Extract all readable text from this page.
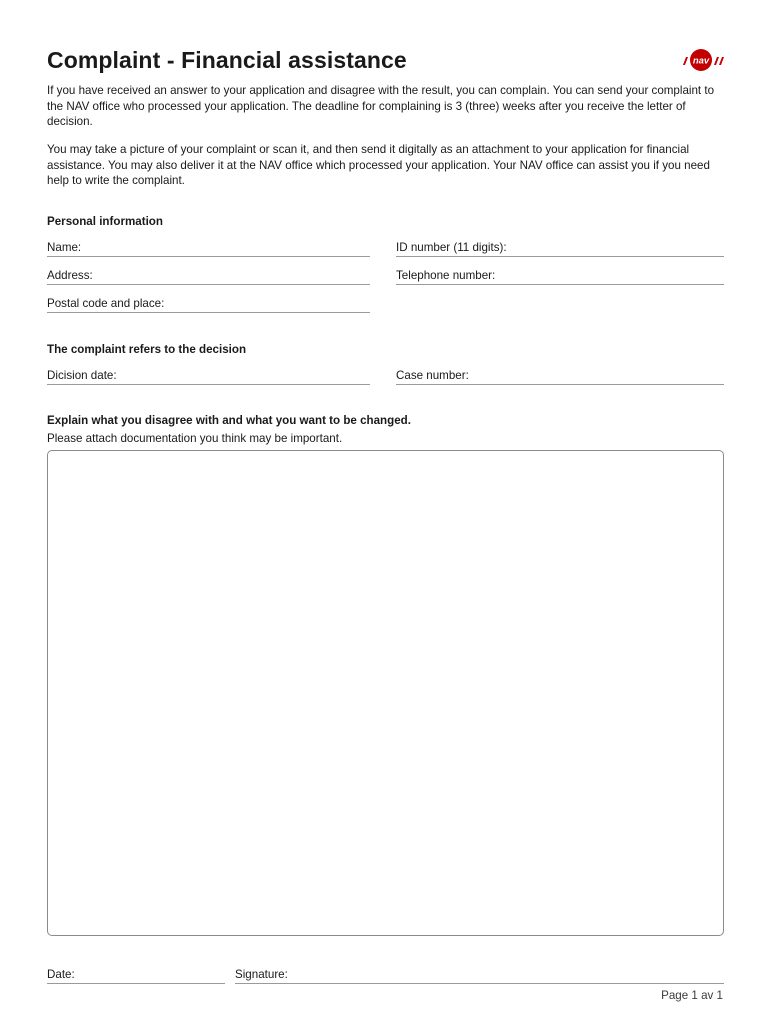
Complaint - Financial assistance	nav

If you have received an answer to your application and disagree with the result, you can complain. You can send your complaint to the NAV office who processed your application. The deadline for complaining is 3 (three) weeks after you receive the letter of decision.

You may take a picture of your complaint or scan it, and then send it digitally as an attachment to your application for financial assistance. You may also deliver it at the NAV office which processed your application. Your NAV office can assist you if you need help to write the complaint.

Personal information

Name:	ID number (11 digits):
Address:	Telephone number:
Postal code and place:

The complaint refers to the decision

Dicision date:	Case number:

Explain what you disagree with and what you want to be changed.

Please attach documentation you think may be important.

Date:	Signature:
Page 1 av 1
